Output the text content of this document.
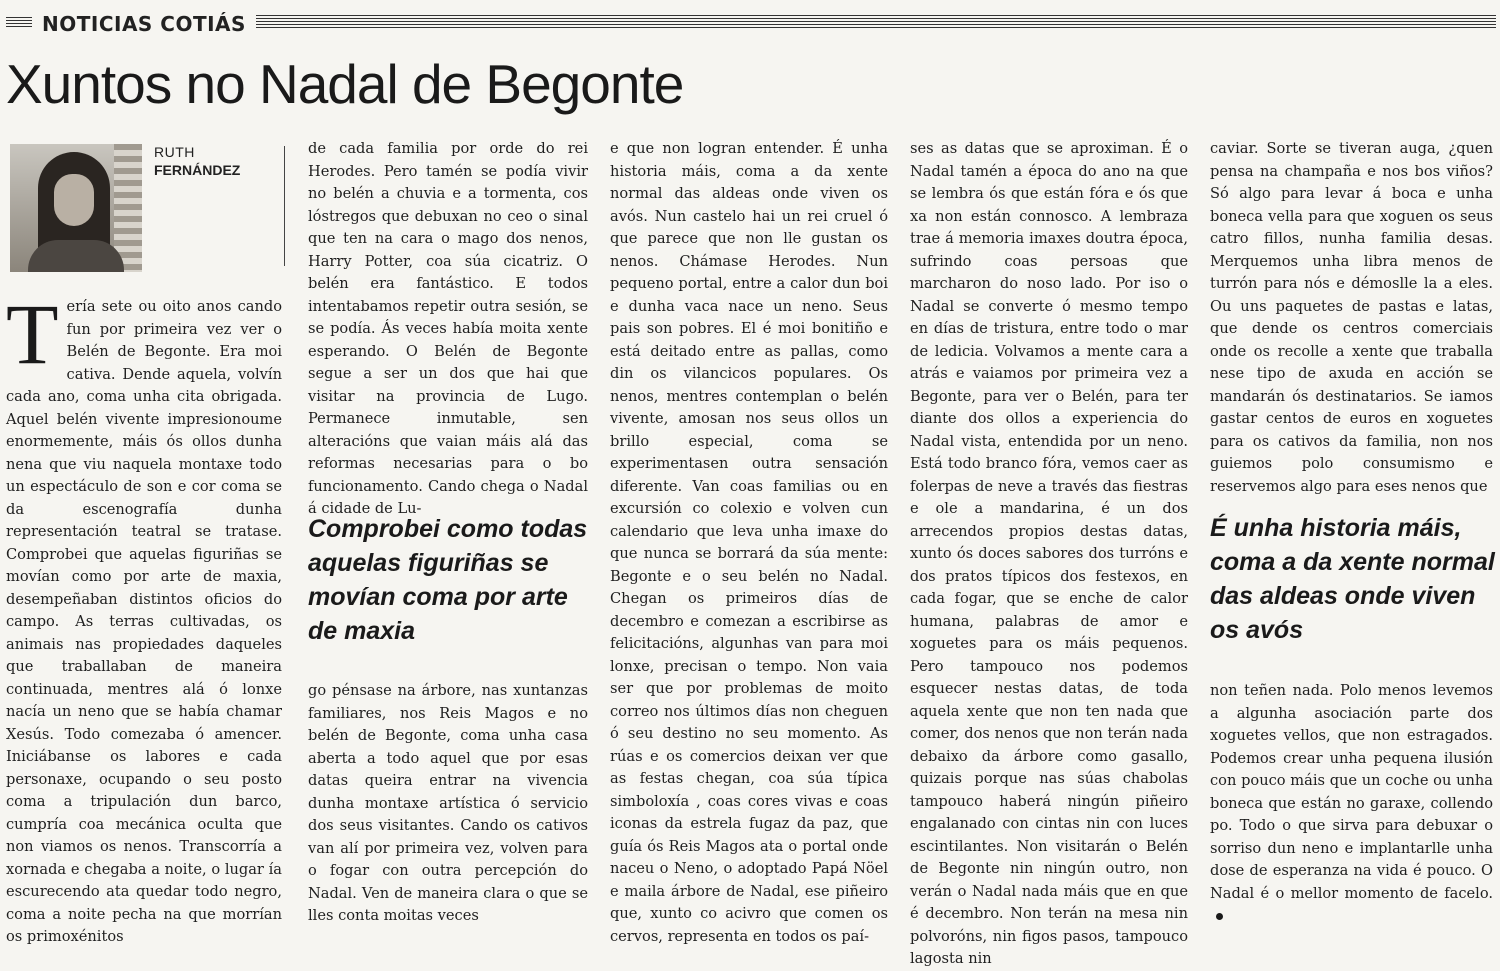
NOTICIAS COTIÁS
Xuntos no Nadal de Begonte
RUTH
FERNÁNDEZ
T ería sete ou oito anos cando fun por primeira vez ver o Belén de Begonte. Era moi cativa. Dende aquela, volvín cada ano, coma unha cita obrigada. Aquel belén vivente impresionoume enormemente, máis ós ollos dunha nena que viu naquela montaxe todo un espectáculo de son e cor coma se da escenografía dunha representación teatral se tratase. Comprobei que aquelas figuriñas se movían como por arte de maxia, desempeñaban distintos oficios do campo. As terras cultivadas, os animais nas propiedades daqueles que traballaban de maneira continuada, mentres alá ó lonxe nacía un neno que se había chamar Xesús. Todo comezaba ó amencer. Iniciábanse os labores e cada personaxe, ocupando o seu posto coma a tripulación dun barco, cumpría coa mecánica oculta que non viamos os nenos. Transcorría a xornada e chegaba a noite, o lugar ía escurecendo ata quedar todo negro, coma a noite pecha na que morrían os primoxénitos

de cada familia por orde do rei Herodes. Pero tamén se podía vivir no belén a chuvia e a tormenta, cos lóstregos que debuxan no ceo o sinal que ten na cara o mago dos nenos, Harry Potter, coa súa cicatriz. O belén era fantástico. E todos intentabamos repetir outra sesión, se se podía. Ás veces había moita xente esperando. O Belén de Begonte segue a ser un dos que hai que visitar na provincia de Lugo. Permanece inmutable, sen alteracións que vaian máis alá das reformas necesarias para o bo funcionamento. Cando chega o Nadal á cidade de Lu-

Comprobei como todas aquelas figuriñas se movían coma por arte de maxia

go pénsase na árbore, nas xuntanzas familiares, nos Reis Magos e no belén de Begonte, coma unha casa aberta a todo aquel que por esas datas queira entrar na vivencia dunha montaxe artística ó servicio dos seus visitantes. Cando os cativos van alí por primeira vez, volven para o fogar con outra percepción do Nadal. Ven de maneira clara o que se lles conta moitas veces

e que non logran entender. É unha historia máis, coma a da xente normal das aldeas onde viven os avós. Nun castelo hai un rei cruel ó que parece que non lle gustan os nenos. Chámase Herodes. Nun pequeno portal, entre a calor dun boi e dunha vaca nace un neno. Seus pais son pobres. El é moi bonitiño e está deitado entre as pallas, como din os vilancicos populares. Os nenos, mentres contemplan o belén vivente, amosan nos seus ollos un brillo especial, coma se experimentasen outra sensación diferente. Van coas familias ou en excursión co colexio e volven cun calendario que leva unha imaxe do que nunca se borrará da súa mente: Begonte e o seu belén no Nadal. Chegan os primeiros días de decembro e comezan a escribirse as felicitacións, algunhas van para moi lonxe, precisan o tempo. Non vaia ser que por problemas de moito correo nos últimos días non cheguen ó seu destino no seu momento. As rúas e os comercios deixan ver que as festas chegan, coa súa típica simboloxía , coas cores vivas e coas iconas da estrela fugaz da paz, que guía ós Reis Magos ata o portal onde naceu o Neno, o adoptado Papá Nöel e maila árbore de Nadal, ese piñeiro que, xunto co acivro que comen os cervos, representa en todos os paí-

ses as datas que se aproximan. É o Nadal tamén a época do ano na que se lembra ós que están fóra e ós que xa non están connosco. A lembraza trae á memoria imaxes doutra época, sufrindo coas persoas que marcharon do noso lado. Por iso o Nadal se converte ó mesmo tempo en días de tristura, entre todo o mar de ledicia. Volvamos a mente cara a atrás e vaiamos por primeira vez a Begonte, para ver o Belén, para ter diante dos ollos a experiencia do Nadal vista, entendida por un neno. Está todo branco fóra, vemos caer as folerpas de neve a través das fiestras e ole a mandarina, é un dos arrecendos propios destas datas, xunto ós doces sabores dos turróns e dos pratos típicos dos festexos, en cada fogar, que se enche de calor humana, palabras de amor e xoguetes para os máis pequenos. Pero tampouco nos podemos esquecer nestas datas, de toda aquela xente que non ten nada que comer, dos nenos que non terán nada debaixo da árbore como gasallo, quizais porque nas súas chabolas tampouco haberá ningún piñeiro engalanado con cintas nin con luces escintilantes. Non visitarán o Belén de Begonte nin ningún outro, non verán o Nadal nada máis que en que é decembro. Non terán na mesa nin polvoróns, nin figos pasos, tampouco lagosta nin

caviar. Sorte se tiveran auga, ¿quen pensa na champaña e nos bos viños? Só algo para levar á boca e unha boneca vella para que xoguen os seus catro fillos, nunha familia desas. Merquemos unha libra menos de turrón para nós e démoslle la a eles. Ou uns paquetes de pastas e latas, que dende os centros comerciais onde os recolle a xente que traballa nese tipo de axuda en acción se mandarán ós destinatarios. Se iamos gastar centos de euros en xoguetes para os cativos da familia, non nos guiemos polo consumismo e reservemos algo para eses nenos que

É unha historia máis, coma a da xente normal das aldeas onde viven os avós

non teñen nada. Polo menos levemos a algunha asociación parte dos xoguetes vellos, que non estragados. Podemos crear unha pequena ilusión con pouco máis que un coche ou unha boneca que están no garaxe, collendo po. Todo o que sirva para debuxar o sorriso dun neno e implantarlle unha dose de esperanza na vida é pouco. O Nadal é o mellor momento de facelo.
